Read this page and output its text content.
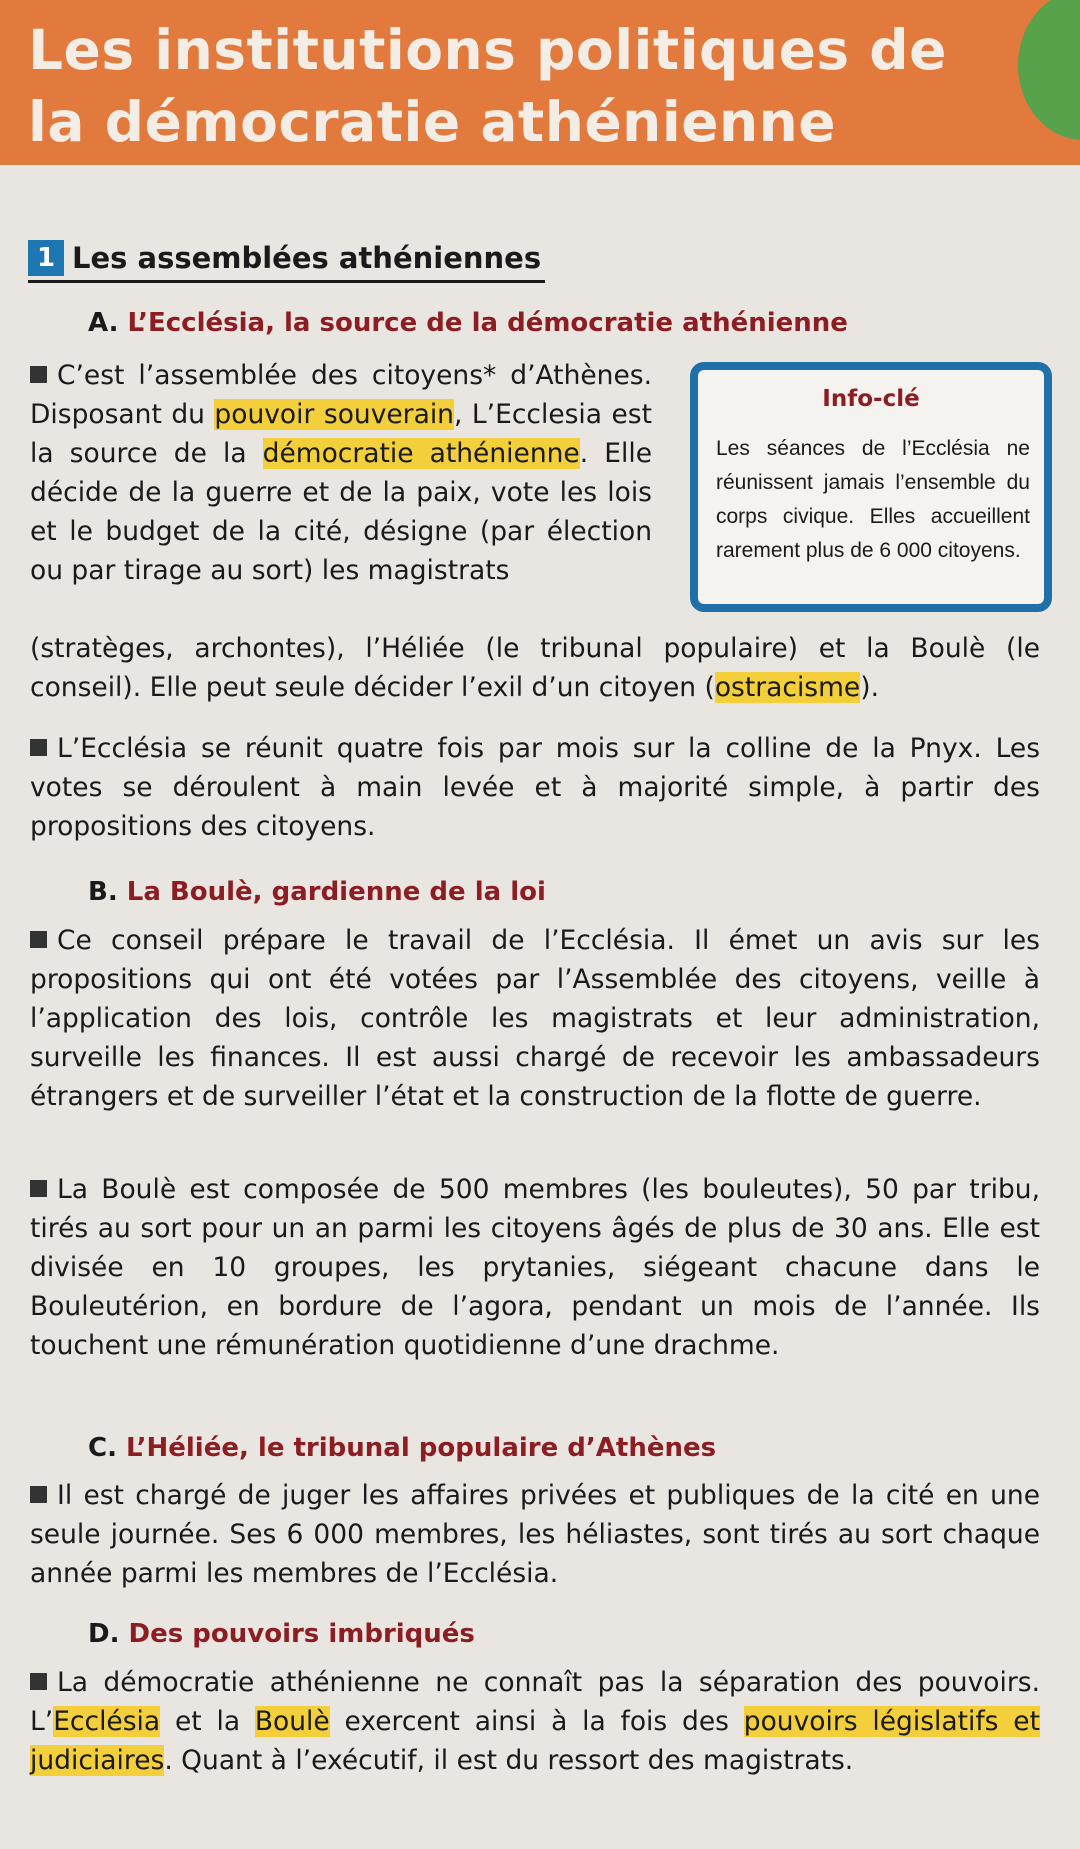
Les institutions politiques de
la démocratie athénienne
1 Les assemblées athéniennes
A. L’Ecclésia, la source de la démocratie athénienne

C’est l’assemblée des citoyens* d’Athènes. Disposant du pouvoir souverain, L’Ecclesia est la source de la démocratie athénienne. Elle décide de la guerre et de la paix, vote les lois et le budget de la cité, désigne (par élection ou par tirage au sort) les magistrats

(stratèges, archontes), l’Héliée (le tribunal populaire) et la Boulè (le conseil). Elle peut seule décider l’exil d’un citoyen (ostracisme).

L’Ecclésia se réunit quatre fois par mois sur la colline de la Pnyx. Les votes se déroulent à main levée et à majorité simple, à partir des propositions des citoyens.

Info-clé

Les séances de l’Ecclésia ne réunissent jamais l’ensemble du corps civique. Elles accueillent rarement plus de 6 000 citoyens.

B. La Boulè, gardienne de la loi

Ce conseil prépare le travail de l’Ecclésia. Il émet un avis sur les propositions qui ont été votées par l’Assemblée des citoyens, veille à l’application des lois, contrôle les magistrats et leur administration, surveille les finances. Il est aussi chargé de recevoir les ambassadeurs étrangers et de surveiller l’état et la construction de la flotte de guerre.

La Boulè est composée de 500 membres (les bouleutes), 50 par tribu, tirés au sort pour un an parmi les citoyens âgés de plus de 30 ans. Elle est divisée en 10 groupes, les prytanies, siégeant chacune dans le Bouleutérion, en bordure de l’agora, pendant un mois de l’année. Ils touchent une rémunération quotidienne d’une drachme.

C. L’Héliée, le tribunal populaire d’Athènes

Il est chargé de juger les affaires privées et publiques de la cité en une seule journée. Ses 6 000 membres, les héliastes, sont tirés au sort chaque année parmi les membres de l’Ecclésia.

D. Des pouvoirs imbriqués

La démocratie athénienne ne connaît pas la séparation des pouvoirs. L’Ecclésia et la Boulè exercent ainsi à la fois des pouvoirs législatifs et judiciaires. Quant à l’exécutif, il est du ressort des magistrats.
